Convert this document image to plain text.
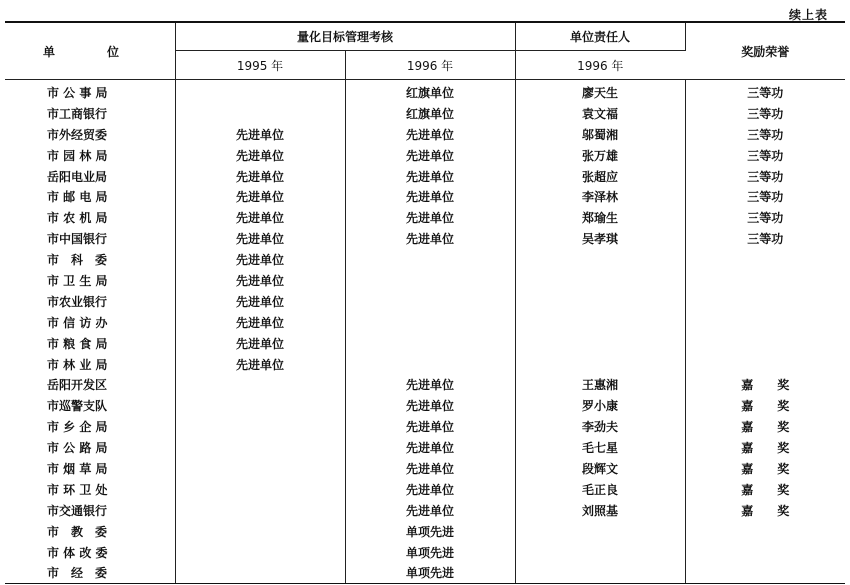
续上表
单 位	量化目标管理考核		单位责任人	奖励荣誉
	1995 年	1996 年	1996 年	
市 公 事 局		红旗单位	廖天生	三等功
市工商银行		红旗单位	袁文福	三等功
市外经贸委	先进单位	先进单位	邬蜀湘	三等功
市 园 林 局	先进单位	先进单位	张万雄	三等功
岳阳电业局	先进单位	先进单位	张超应	三等功
市 邮 电 局	先进单位	先进单位	李泽林	三等功
市 农 机 局	先进单位	先进单位	郑瑜生	三等功
市中国银行	先进单位	先进单位	吴孝琪	三等功
市　科　委	先进单位			
市 卫 生 局	先进单位			
市农业银行	先进单位			
市 信 访 办	先进单位			
市 粮 食 局	先进单位			
市 林 业 局	先进单位			
岳阳开发区		先进单位	王惠湘	嘉　　奖
市巡警支队		先进单位	罗小康	嘉　　奖
市 乡 企 局		先进单位	李劲夫	嘉　　奖
市 公 路 局		先进单位	毛七星	嘉　　奖
市 烟 草 局		先进单位	段辉文	嘉　　奖
市 环 卫 处		先进单位	毛正良	嘉　　奖
市交通银行		先进单位	刘照基	嘉　　奖
市　教　委		单项先进		
市 体 改 委		单项先进		
市　经　委		单项先进		
